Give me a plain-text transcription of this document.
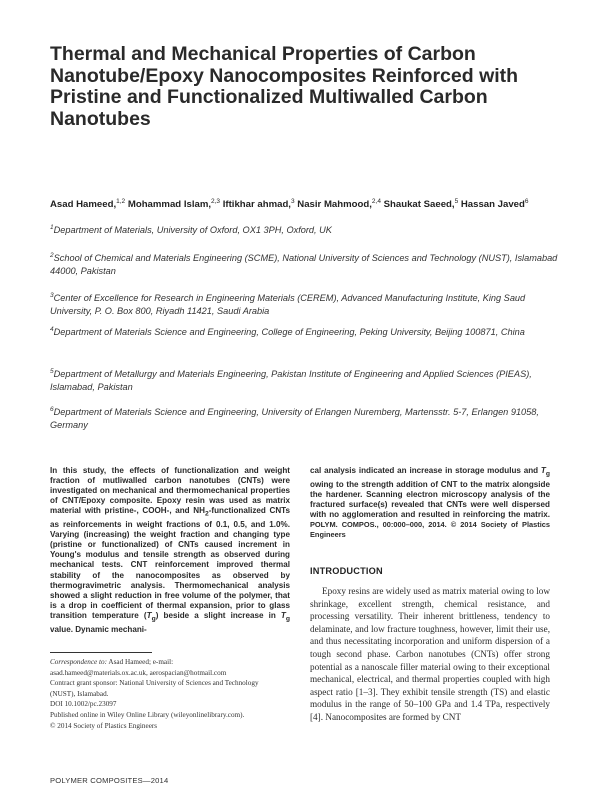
Thermal and Mechanical Properties of Carbon Nanotube/Epoxy Nanocomposites Reinforced with Pristine and Functionalized Multiwalled Carbon Nanotubes
Asad Hameed,$^{1,2}$ Mohammad Islam,$^{2,3}$ Iftikhar ahmad,$^3$ Nasir Mahmood,$^{2,4}$ Shaukat Saeed,$^5$ Hassan Javed$^6$
$^1$Department of Materials, University of Oxford, OX1 3PH, Oxford, UK
$^2$School of Chemical and Materials Engineering (SCME), National University of Sciences and Technology (NUST), Islamabad 44000, Pakistan
$^3$Center of Excellence for Research in Engineering Materials (CEREM), Advanced Manufacturing Institute, King Saud University, P. O. Box 800, Riyadh 11421, Saudi Arabia
$^4$Department of Materials Science and Engineering, College of Engineering, Peking University, Beijing 100871, China
$^5$Department of Metallurgy and Materials Engineering, Pakistan Institute of Engineering and Applied Sciences (PIEAS), Islamabad, Pakistan
$^6$Department of Materials Science and Engineering, University of Erlangen Nuremberg, Martensstr. 5-7, Erlangen 91058, Germany

In this study, the effects of functionalization and weight fraction of mutliwalled carbon nanotubes (CNTs) were investigated on mechanical and thermomechanical properties of CNT/Epoxy composite. Epoxy resin was used as matrix material with pristine-, COOH-, and $NH_2$-functionalized CNTs as reinforcements in weight fractions of 0.1, 0.5, and 1.0%. Varying (increasing) the weight fraction and changing type (pristine or functionalized) of CNTs caused increment in Young's modulus and tensile strength as observed during mechanical tests. CNT reinforcement improved thermal stability of the nanocomposites as observed by thermogravimetric analysis. Thermomechanical analysis showed a slight reduction in free volume of the polymer, that is a drop in coefficient of thermal expansion, prior to glass transition temperature $(T_g)$ beside a slight increase in $T_g$ value. Dynamic mechani-

cal analysis indicated an increase in storage modulus and $T_g$ owing to the strength addition of CNT to the matrix alongside the hardener. Scanning electron microscopy analysis of the fractured surface(s) revealed that CNTs were well dispersed with no agglomeration and resulted in reinforcing the matrix. POLYM. COMPOS., 00:000–000, 2014. © 2014 Society of Plastics Engineers

Correspondence to: Asad Hameed; e-mail:
asad.hameed@materials.ox.ac.uk, aerospacian@hotmail.com
Contract grant sponsor: National University of Sciences and Technology
(NUST), Islamabad.
DOI 10.1002/pc.23097
Published online in Wiley Online Library (wileyonlinelibrary.com).
© 2014 Society of Plastics Engineers
INTRODUCTION

Epoxy resins are widely used as matrix material owing to low shrinkage, excellent strength, chemical resistance, and processing versatility. Their inherent brittleness, tendency to delaminate, and low fracture toughness, however, limit their use, and thus necessitating incorporation and uniform dispersion of a tough second phase. Carbon nanotubes (CNTs) offer strong potential as a nanoscale filler material owing to their exceptional mechanical, electrical, and thermal properties coupled with high aspect ratio [1–3]. They exhibit tensile strength (TS) and elastic modulus in the range of 50–100 GPa and 1.4 TPa, respectively [4]. Nanocomposites are formed by CNT

POLYMER COMPOSITES—2014
